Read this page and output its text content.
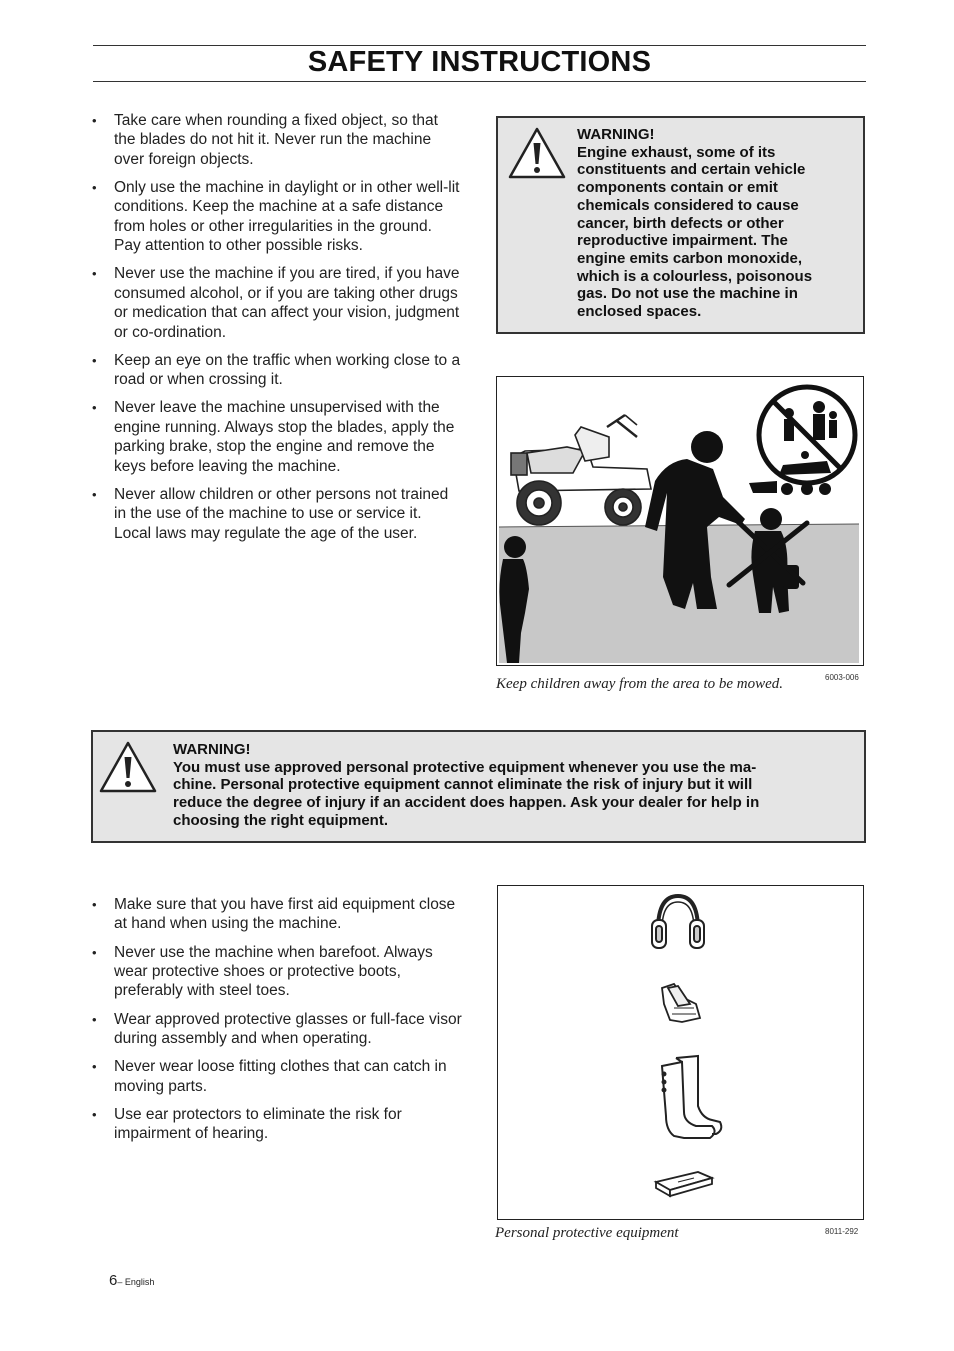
SAFETY INSTRUCTIONS
• Take care when rounding a fixed object, so that the blades do not hit it. Never run the machine over foreign objects.
• Only use the machine in daylight or in other well-lit conditions. Keep the machine at a safe distance from holes or other irregularities in the ground. Pay attention to other possible risks.
• Never use the machine if you are tired, if you have consumed alcohol, or if you are taking other drugs or medication that can affect your vision, judgment or co-ordination.
• Keep an eye on the traffic when working close to a road or when crossing it.
• Never leave the machine unsupervised with the engine running. Always stop the blades, apply the parking brake, stop the engine and remove the keys before leaving the machine.
• Never allow children or other persons not trained in the use of the machine to use or service it. Local laws may regulate the age of the user.
WARNING!
Engine exhaust, some of its
constituents and certain vehicle
components contain or emit
chemicals considered to cause
cancer, birth defects or other
reproductive impairment. The
engine emits carbon monoxide,
which is a colourless, poisonous
gas. Do not use the machine in
enclosed spaces.
Keep children away from the area to be mowed.	6003-006
WARNING!
You must use approved personal protective equipment whenever you use the ma-
chine. Personal protective equipment cannot eliminate the risk of injury but it will
reduce the degree of injury if an accident does happen. Ask your dealer for help in
choosing the right equipment.
• Make sure that you have first aid equipment close at hand when using the machine.
• Never use the machine when barefoot. Always wear protective shoes or protective boots, preferably with steel toes.
• Wear approved protective glasses or full-face visor during assembly and when operating.
• Never wear loose fitting clothes that can catch in moving parts.
• Use ear protectors to eliminate the risk for impairment of hearing.
Personal protective equipment	8011-292
6– English
